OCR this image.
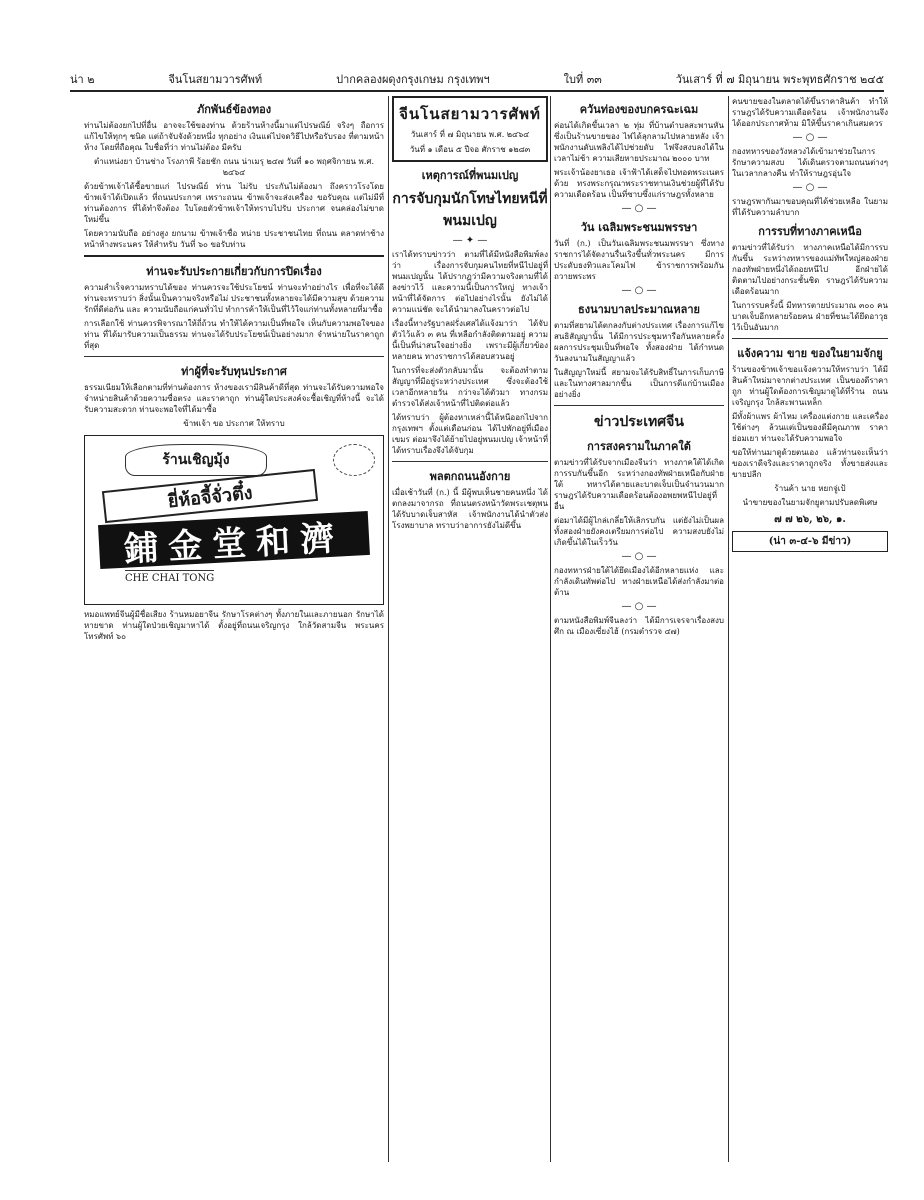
น่า ๒	จีนโนสยามวารศัพท์	ปากคลองผดุงกรุงเกษม กรุงเทพฯ	ใบที่ ๓๓	วันเสาร์ ที่ ๗ มิถุนายน พระพุทธศักราช ๒๔๕
ภักพันธ์ข้องทอง

ท่านไม่ต้องยกไปที่อื่น อาจจะใช้ของท่าน ด้วยร้านห้างนี้มาแต่ไปรษณีย์ จริงๆ ถือการแก้ไขให้ทุกๆ ชนิด แต่ถ้าจับจังด้วยหนึ่ง ทุกอย่าง เงินแต่ไปจดวิธีไปหรือรับรอง ที่ตามหน้าห้าง โดยที่ถือคุณ ใบชื่อที่ว่า ท่านไม่ต้อง มีครับ

ตำแหน่งยา บ้านช่าง โรงภาพี ร้อยชัก ถนน น่าเมรุ ๒๔๗ วันที่ ๑๐ พฤศจิกายน พ.ศ. ๒๔๖๔

ด้วยข้าพเจ้าได้ซื้อขายแก่ ไปรษณีย์ ท่าน ไม่รับ ประกันไม่ต้องมา ถึงคราวโรงโดย ข้าพเจ้าได้เปิดแล้ว ที่ถนนประกาศ เพราะถนน ข้าพเจ้าจะส่งเครื่อง ขอรับคุณ แต่ไม่มีที่ท่านต้องการ ที่ได้ทำจึงต้อง ใบโดยตัวข้าพเจ้าให้ทราบไปรับ ประกาศ จนคล่องไม่ขาดใหม่ขึ้น

โดยความนับถือ อย่างสูง ยกนาม ข้าพเจ้าชื่อ หน่าย ประชาชนไทย ที่ถนน ตลาดท่าช้าง หน้าห้างพระนคร ให้สำหรับ วันที่ ๖๐ ขอรับท่าน

ท่านจะรับประกายเกี่ยวกับการปิดเรื่อง

ความสำเร็จความทราบได้ของ ท่านควรจะใช้ประโยชน์ ท่านจะทำอย่างไร เพื่อที่จะได้ดี ท่านจะทราบว่า สิ่งนั้นเป็นความจริงหรือไม่ ประชาชนทั้งหลายจะได้มีความสุข ด้วยความรักที่ดีต่อกัน และ ความนับถือแก่คนทั่วไป ทำการค้าให้เป็นที่ไว้ใจแก่ท่านทั้งหลายที่มาซื้อ

การเลือกใช้ ท่านควรพิจารณาให้ถี่ถ้วน ทำให้ได้ความเป็นที่พอใจ เห็นกับความพอใจของท่าน ที่ได้มารับความเป็นธรรม ท่านจะได้รับประโยชน์เป็นอย่างมาก จำหน่ายในราคาถูกที่สุด

ท่าผู้ที่จะรับทุนประกาศ

ธรรมเนียมให้เลือกตามที่ท่านต้องการ ห้างของเรามีสินค้าดีที่สุด ท่านจะได้รับความพอใจ จำหน่ายสินค้าด้วยความซื่อตรง และราคาถูก ท่านผู้ใดประสงค์จะซื้อเชิญที่ห้างนี้ จะได้รับความสะดวก ท่านจะพอใจที่ได้มาซื้อ

ข้าพเจ้า ขอ ประกาศ ให้ทราบ

ร้านเชิญมุ้ง
ยี่ห้อจี้จั่วตึ๋ง
鋪金堂和濟
CHE CHAI TONG

หมอแพทย์จีนผู้มีชื่อเสียง ร้านหมอยาจีน รักษาโรคต่างๆ ทั้งภายในและภายนอก รักษาได้หายขาด ท่านผู้ใดป่วยเชิญมาหาได้ ตั้งอยู่ที่ถนนเจริญกรุง ใกล้วัดสามจีน พระนคร โทรศัพท์ ๖๐

จีนโนสยามวารศัพท์
วันเสาร์ ที่ ๗ มิถุนายน พ.ศ. ๒๔๖๔
วันที่ ๑ เดือน ๕ ปีจอ ศักราช ๑๒๘๓
เหตุการณ์ที่พนมเปญ
การจับกุมนักโทษไทยหนีที่พนมเปญ
— ✦ —

เราได้ทราบข่าวว่า ตามที่ได้มีหนังสือพิมพ์ลงว่า เรื่องการจับกุมคนไทยที่หนีไปอยู่ที่พนมเปญนั้น ได้ปรากฏว่ามีความจริงตามที่ได้ลงข่าวไว้ และความนี้เป็นการใหญ่ ทางเจ้าหน้าที่ได้จัดการ ต่อไปอย่างไรนั้น ยังไม่ได้ความแน่ชัด จะได้นำมาลงในคราวต่อไป

เรื่องนี้ทางรัฐบาลฝรั่งเศสได้แจ้งมาว่า ได้จับตัวไว้แล้ว ๓ คน ที่เหลือกำลังติดตามอยู่ ความนี้เป็นที่น่าสนใจอย่างยิ่ง เพราะมีผู้เกี่ยวข้องหลายคน ทางราชการได้สอบสวนอยู่

ในการที่จะส่งตัวกลับมานั้น จะต้องทำตามสัญญาที่มีอยู่ระหว่างประเทศ ซึ่งจะต้องใช้เวลาอีกหลายวัน กว่าจะได้ตัวมา ทางกรมตำรวจได้ส่งเจ้าหน้าที่ไปติดต่อแล้ว

ได้ทราบว่า ผู้ต้องหาเหล่านี้ได้หนีออกไปจากกรุงเทพฯ ตั้งแต่เดือนก่อน ได้ไปพักอยู่ที่เมืองเขมร ต่อมาจึงได้ย้ายไปอยู่พนมเปญ เจ้าหน้าที่ได้ทราบเรื่องจึงได้จับกุม

พลตกถนนอังกาย

เมื่อเช้าวันที่ (ก.) นี้ มีผู้พบเห็นชายคนหนึ่ง ได้ตกลงมาจากรถ ที่ถนนตรงหน้าวัดพระเชตุพน ได้รับบาดเจ็บสาหัส เจ้าพนักงานได้นำตัวส่งโรงพยาบาล ทราบว่าอาการยังไม่ดีขึ้น

ควันท่องของบกครฉะเฉม

ค่อนได้เกิดขึ้นเวลา ๒ ทุ่ม ที่บ้านตำบลสะพานหัน ซึ่งเป็นร้านขายของ ไฟได้ลุกลามไปหลายหลัง เจ้าพนักงานดับเพลิงได้ไปช่วยดับ ไฟจึงสงบลงได้ในเวลาไม่ช้า ความเสียหายประมาณ ๒๐๐๐ บาท

พระเจ้าน้องยาเธอ เจ้าฟ้าได้เสด็จไปทอดพระเนตรด้วย ทรงพระกรุณาพระราชทานเงินช่วยผู้ที่ได้รับความเดือดร้อน เป็นที่ซาบซึ้งแก่ราษฎรทั้งหลาย

— ○ —
วัน เฉลิมพระชนมพรรษา

วันที่ (ก.) เป็นวันเฉลิมพระชนมพรรษา ซึ่งทางราชการได้จัดงานรื่นเริงขึ้นทั่วพระนคร มีการประดับธงทิวและโคมไฟ ข้าราชการพร้อมกันถวายพระพร

— ○ —
ธงนามบาลประมาณหลาย

ตามที่สยามได้ตกลงกับต่างประเทศ เรื่องการแก้ไขสนธิสัญญานั้น ได้มีการประชุมหารือกันหลายครั้ง ผลการประชุมเป็นที่พอใจ ทั้งสองฝ่าย ได้กำหนดวันลงนามในสัญญาแล้ว

ในสัญญาใหม่นี้ สยามจะได้รับสิทธิ์ในการเก็บภาษี และในทางศาลมากขึ้น เป็นการดีแก่บ้านเมืองอย่างยิ่ง

ข่าวประเทศจีน
การสงครามในภาคใต้

ตามข่าวที่ได้รับจากเมืองจีนว่า ทางภาคใต้ได้เกิดการรบกันขึ้นอีก ระหว่างกองทัพฝ่ายเหนือกับฝ่ายใต้ ทหารได้ตายและบาดเจ็บเป็นจำนวนมาก ราษฎรได้รับความเดือดร้อนต้องอพยพหนีไปอยู่ที่อื่น

ต่อมาได้มีผู้ไกล่เกลี่ยให้เลิกรบกัน แต่ยังไม่เป็นผล ทั้งสองฝ่ายยังคงเตรียมการต่อไป ความสงบยังไม่เกิดขึ้นได้ในเร็ววัน

— ○ —

กองทหารฝ่ายใต้ได้ยึดเมืองได้อีกหลายแห่ง และกำลังเดินทัพต่อไป ทางฝ่ายเหนือได้ส่งกำลังมาต่อต้าน

— ○ —

ตามหนังสือพิมพ์จีนลงว่า ได้มีการเจรจาเรื่องสงบศึก ณ เมืองเซี่ยงไฮ้ (กรมตำรวจ ๔๗)

คนขายของในตลาดได้ขึ้นราคาสินค้า ทำให้ราษฎรได้รับความเดือดร้อน เจ้าพนักงานจึงได้ออกประกาศห้าม มิให้ขึ้นราคาเกินสมควร

— ○ —

กองทหารของวังหลวงได้เข้ามาช่วยในการรักษาความสงบ ได้เดินตรวจตามถนนต่างๆ ในเวลากลางคืน ทำให้ราษฎรอุ่นใจ

— ○ —

ราษฎรพากันมาขอบคุณที่ได้ช่วยเหลือ ในยามที่ได้รับความลำบาก

การรบที่ทางภาคเหนือ

ตามข่าวที่ได้รับว่า ทางภาคเหนือได้มีการรบกันขึ้น ระหว่างทหารของแม่ทัพใหญ่สองฝ่าย กองทัพฝ่ายหนึ่งได้ถอยหนีไป อีกฝ่ายได้ติดตามไปอย่างกระชั้นชิด ราษฎรได้รับความเดือดร้อนมาก

ในการรบครั้งนี้ มีทหารตายประมาณ ๓๐๐ คน บาดเจ็บอีกหลายร้อยคน ฝ่ายที่ชนะได้ยึดอาวุธไว้เป็นอันมาก

แจ้งความ ขาย ของในยามจักยู

ร้านของข้าพเจ้าขอแจ้งความให้ทราบว่า ได้มีสินค้าใหม่มาจากต่างประเทศ เป็นของดีราคาถูก ท่านผู้ใดต้องการเชิญมาดูได้ที่ร้าน ถนนเจริญกรุง ใกล้สะพานเหล็ก

มีทั้งผ้าแพร ผ้าไหม เครื่องแต่งกาย และเครื่องใช้ต่างๆ ล้วนแต่เป็นของดีมีคุณภาพ ราคาย่อมเยา ท่านจะได้รับความพอใจ

ขอให้ท่านมาดูด้วยตนเอง แล้วท่านจะเห็นว่า ของเราดีจริงและราคาถูกจริง ทั้งขายส่งและขายปลีก

ร้านค้า นาย หยกจู่เป้

นำขายของในยามจักยูตามปรับลดพิเศษ

๗ ๗ ๒๖, ๒๖, ๑.
(น่า ๓-๔-๖ มีข่าว)
